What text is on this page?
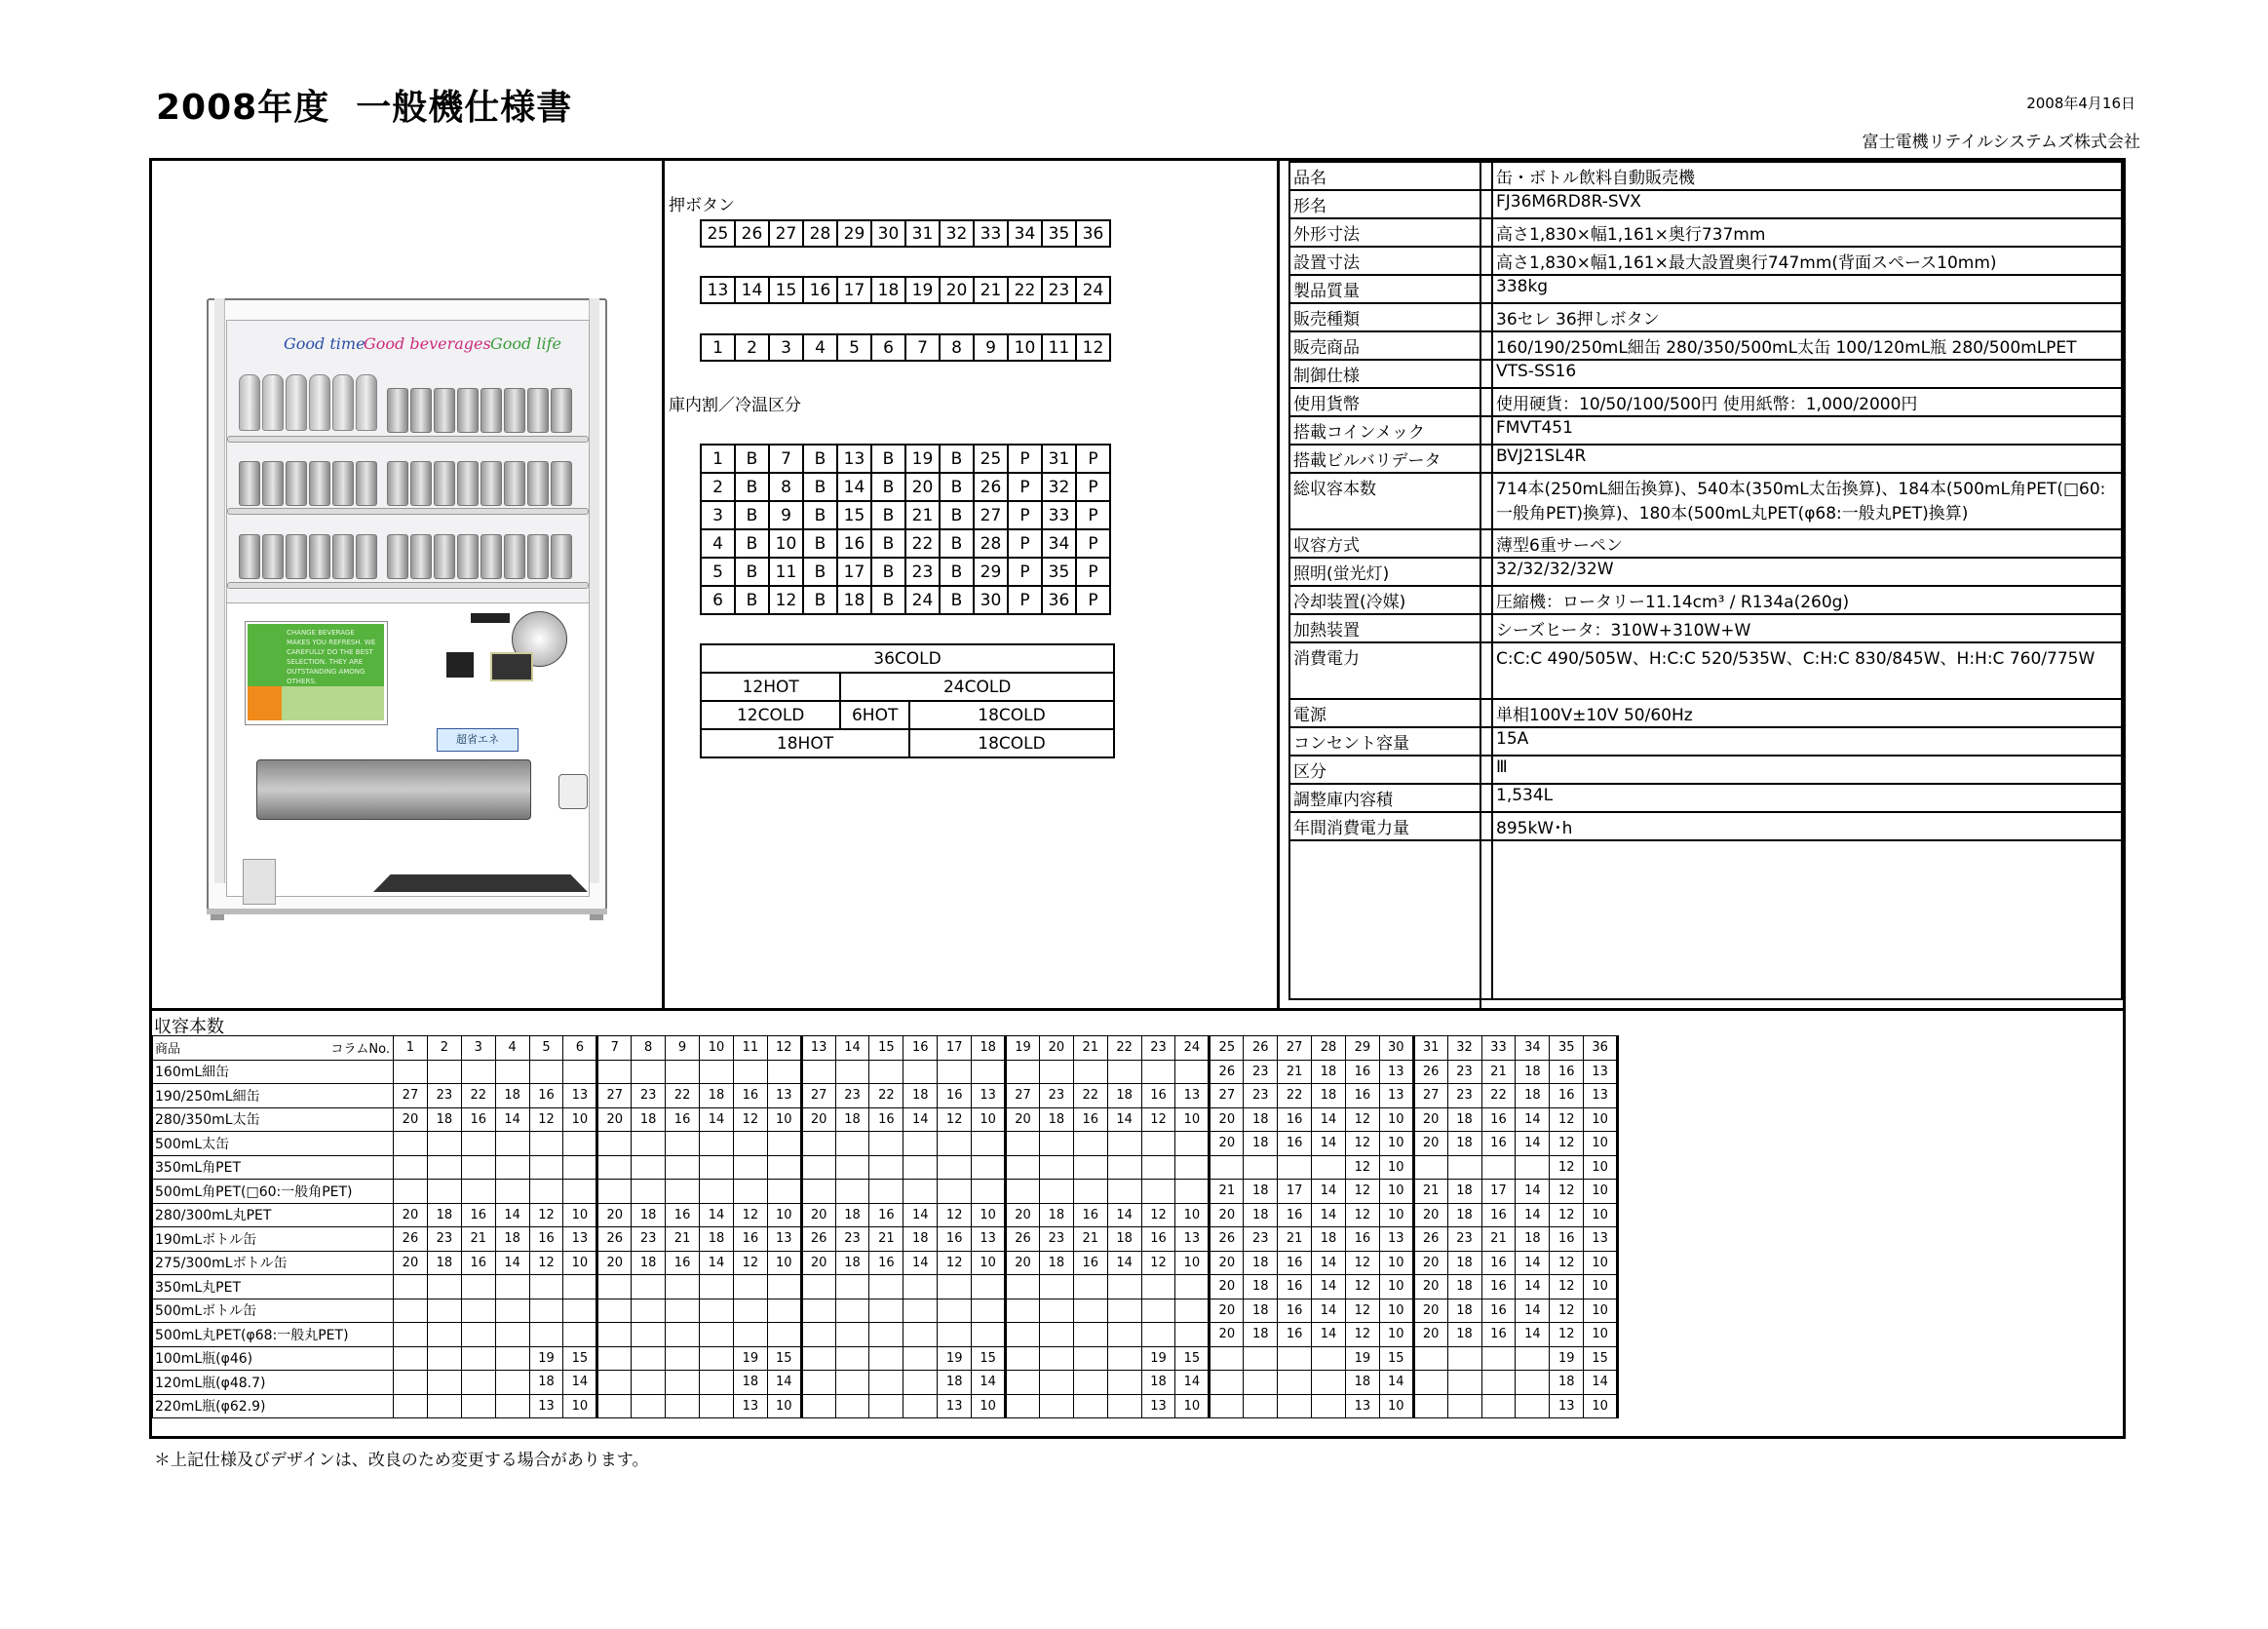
2008年度  一般機仕様書	2008年4月16日
富士電機リテイルシステムズ株式会社
Good time
Good beverages Good life
CHANGE BEVERAGE MAKES YOU REFRESH. WE CAREFULLY DO THE BEST SELECTION. THEY ARE OUTSTANDING AMONG OTHERS.
超省エネ
押ボタン
25	26	27	28	29	30	31	32	33	34	35	36
13	14	15	16	17	18	19	20	21	22	23	24
1	2	3	4	5	6	7	8	9	10	11	12
庫内割／冷温区分
1	B	7	B	13	B	19	B	25	P	31	P
2	B	8	B	14	B	20	B	26	P	32	P
3	B	9	B	15	B	21	B	27	P	33	P
4	B	10	B	16	B	22	B	28	P	34	P
5	B	11	B	17	B	23	B	29	P	35	P
6	B	12	B	18	B	24	B	30	P	36	P
36COLD		
12HOT	24COLD	
12COLD	6HOT	18COLD
18HOT		18COLD
品名	缶・ボトル飲料自動販売機
形名	FJ36M6RD8R-SVX
外形寸法	高さ1,830×幅1,161×奥行737mm
設置寸法	高さ1,830×幅1,161×最大設置奥行747mm(背面スペース10mm)
製品質量	338kg
販売種類	36セレ 36押しボタン
販売商品	160/190/250mL細缶 280/350/500mL太缶 100/120mL瓶 280/500mLPET
制御仕様	VTS-SS16
使用貨幣	使用硬貨：10/50/100/500円 使用紙幣：1,000/2000円
搭載コインメック	FMVT451
搭載ビルバリデータ	BVJ21SL4R
総収容本数	714本(250mL細缶換算)、540本(350mL太缶換算)、184本(500mL角PET(□60:一般角PET)換算)、180本(500mL丸PET(φ68:一般丸PET)換算)
収容方式	薄型6重サーペン
照明(蛍光灯)	32/32/32/32W
冷却装置(冷媒)	圧縮機：ロータリー11.14cm³ / R134a(260g)
加熱装置	シーズヒータ：310W+310W+W
消費電力	C:C:C 490/505W、H:C:C 520/535W、C:H:C 830/845W、H:H:C 760/775W
電源	単相100V±10V 50/60Hz
コンセント容量	15A
区分	Ⅲ
調整庫内容積	1,534L
年間消費電力量	895kW･h

収容本数
商品 コラムNo.	1	2	3	4	5	6	7	8	9	10	11	12	13	14	15	16	17	18	19	20	21	22	23	24	25	26	27	28	29	30	31	32	33	34	35	36
160mL細缶																									26	23	21	18	16	13	26	23	21	18	16	13
190/250mL細缶	27	23	22	18	16	13	27	23	22	18	16	13	27	23	22	18	16	13	27	23	22	18	16	13	27	23	22	18	16	13	27	23	22	18	16	13
280/350mL太缶	20	18	16	14	12	10	20	18	16	14	12	10	20	18	16	14	12	10	20	18	16	14	12	10	20	18	16	14	12	10	20	18	16	14	12	10
500mL太缶																									20	18	16	14	12	10	20	18	16	14	12	10
350mL角PET																													12	10					12	10
500mL角PET(□60:一般角PET)																									21	18	17	14	12	10	21	18	17	14	12	10
280/300mL丸PET	20	18	16	14	12	10	20	18	16	14	12	10	20	18	16	14	12	10	20	18	16	14	12	10	20	18	16	14	12	10	20	18	16	14	12	10
190mLボトル缶	26	23	21	18	16	13	26	23	21	18	16	13	26	23	21	18	16	13	26	23	21	18	16	13	26	23	21	18	16	13	26	23	21	18	16	13
275/300mLボトル缶	20	18	16	14	12	10	20	18	16	14	12	10	20	18	16	14	12	10	20	18	16	14	12	10	20	18	16	14	12	10	20	18	16	14	12	10
350mL丸PET																									20	18	16	14	12	10	20	18	16	14	12	10
500mLボトル缶																									20	18	16	14	12	10	20	18	16	14	12	10
500mL丸PET(φ68:一般丸PET)																									20	18	16	14	12	10	20	18	16	14	12	10
100mL瓶(φ46)					19	15					19	15					19	15					19	15					19	15					19	15
120mL瓶(φ48.7)					18	14					18	14					18	14					18	14					18	14					18	14
220mL瓶(φ62.9)					13	10					13	10					13	10					13	10					13	10					13	10
＊上記仕様及びデザインは、改良のため変更する場合があります。
